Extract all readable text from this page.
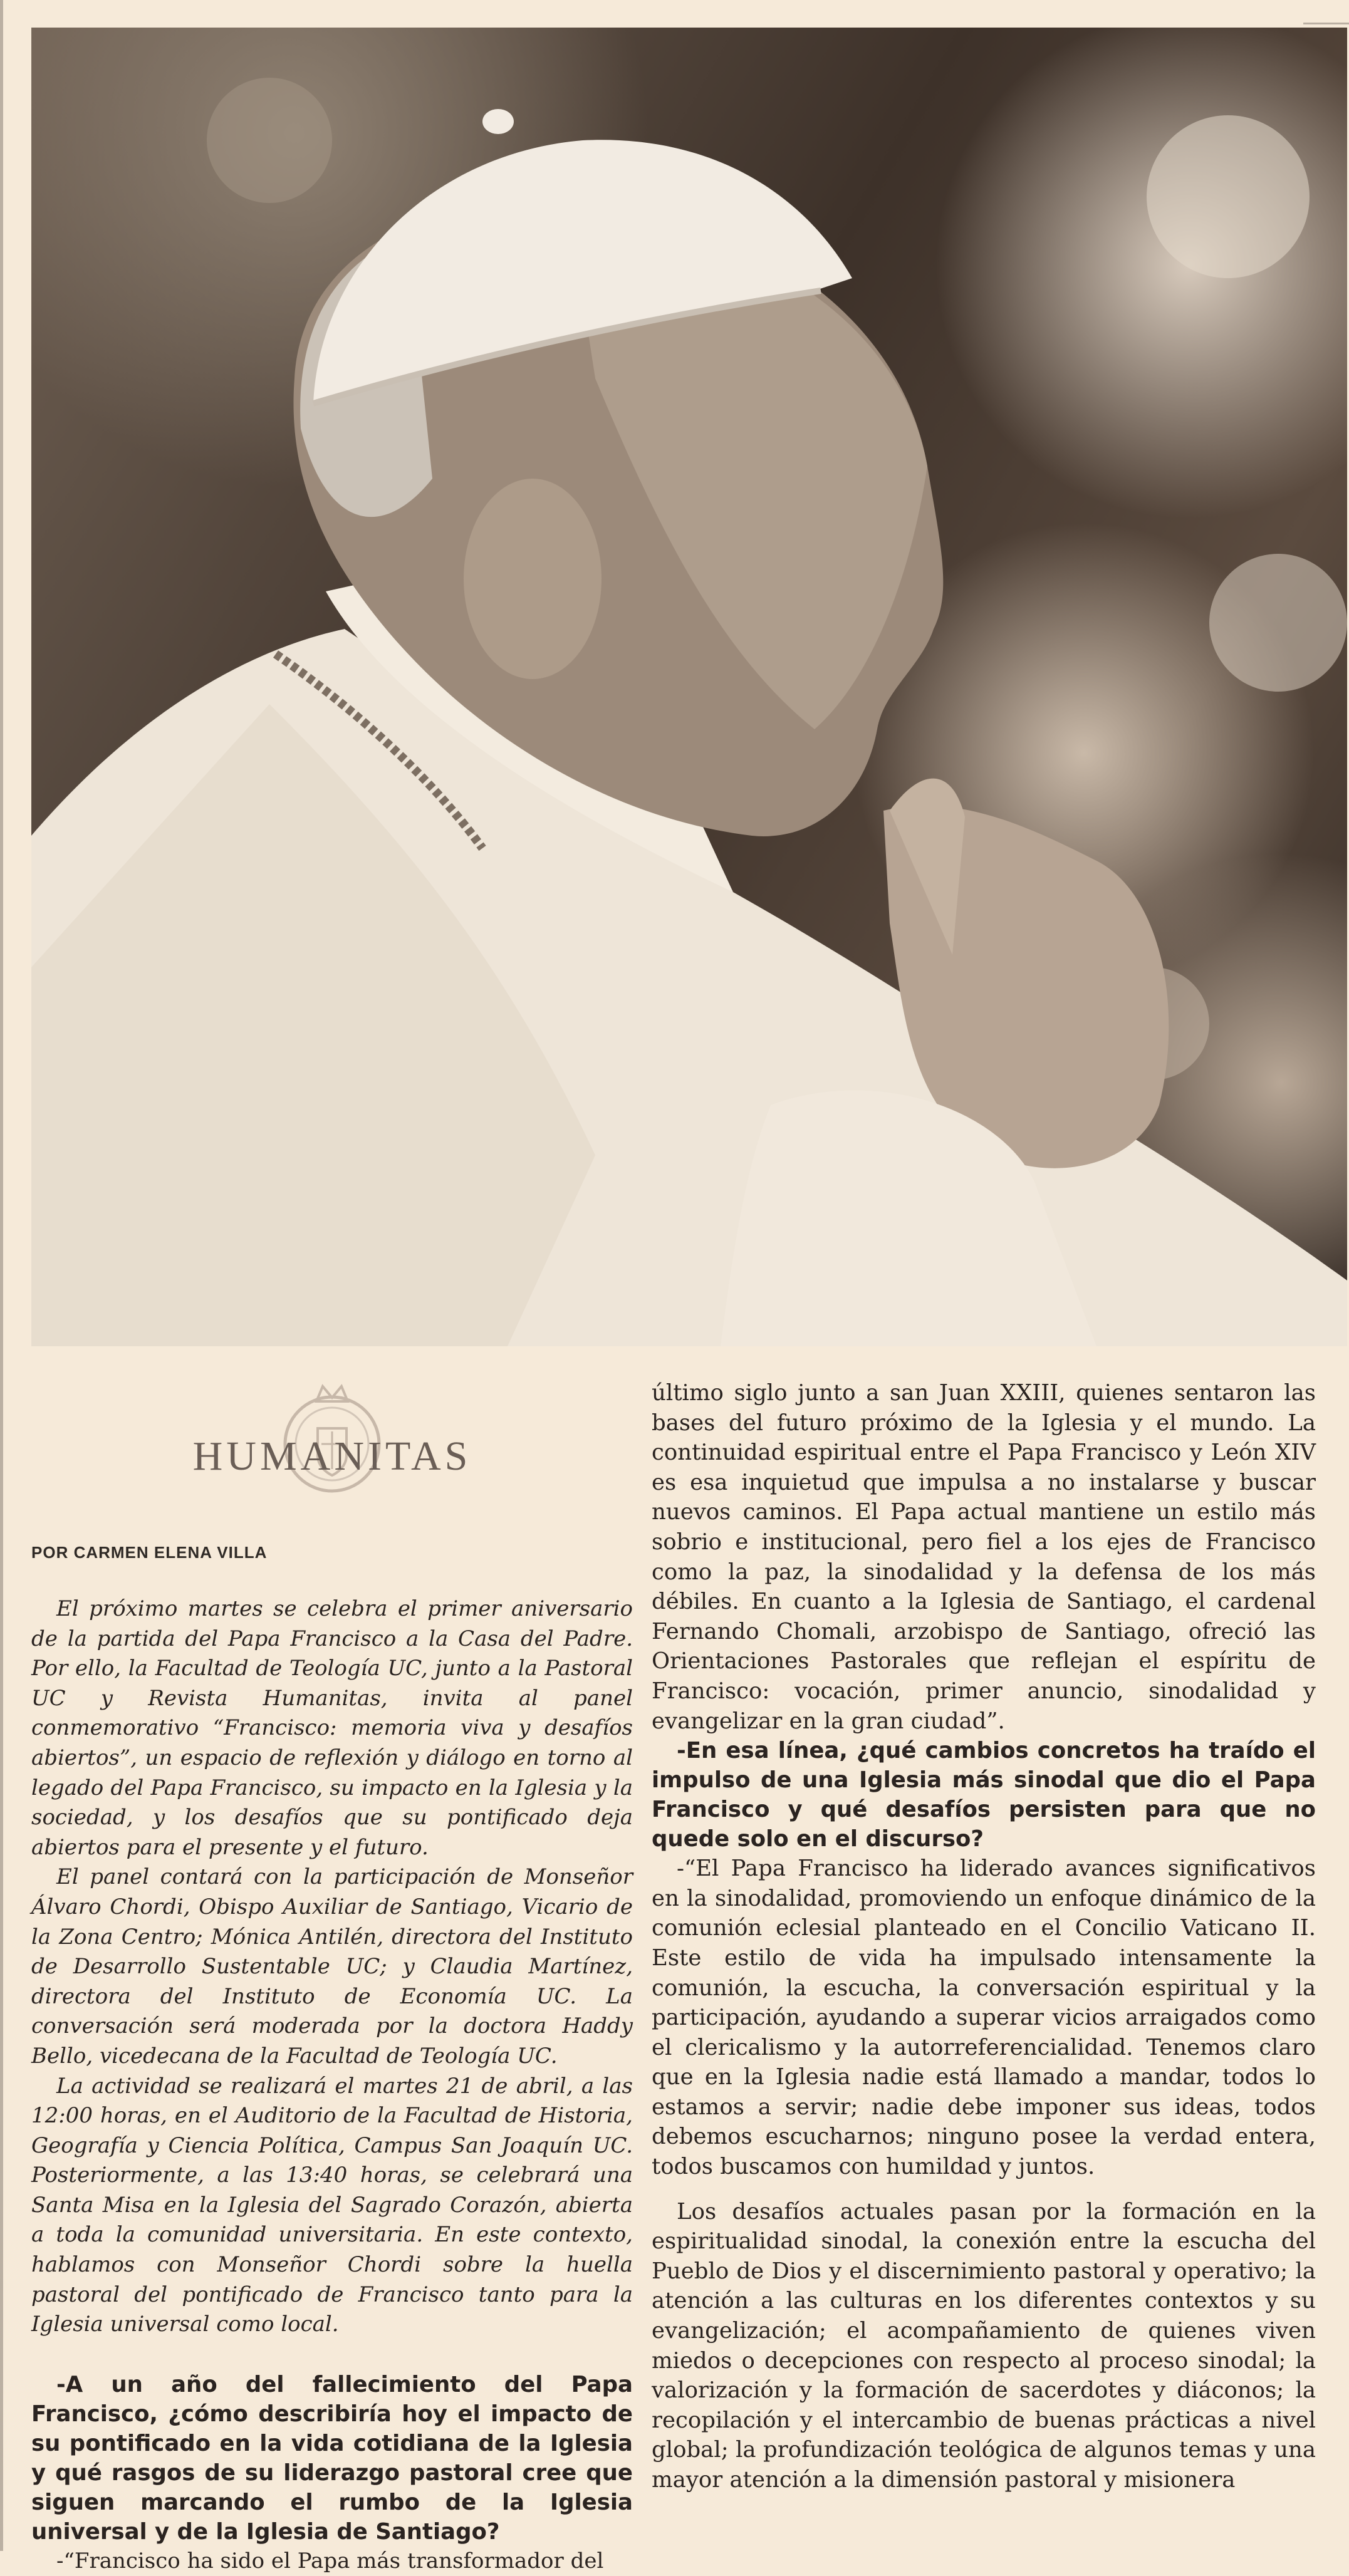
HUMANITAS
POR CARMEN ELENA VILLA

El próximo martes se celebra el primer aniversario de la partida del Papa Francisco a la Casa del Padre. Por ello, la Facultad de Teología UC, junto a la Pastoral UC y Revista Humanitas, invita al panel conmemorativo “Francisco: memoria viva y desafíos abiertos”, un espacio de reflexión y diálogo en torno al legado del Papa Francisco, su impacto en la Iglesia y la sociedad, y los desafíos que su pontificado deja abiertos para el presente y el futuro.

El panel contará con la participación de Monseñor Álvaro Chordi, Obispo Auxiliar de Santiago, Vicario de la Zona Centro; Mónica Antilén, directora del Instituto de Desarrollo Sustentable UC; y Claudia Martínez, directora del Instituto de Economía UC. La conversación será moderada por la doctora Haddy Bello, vicedecana de la Facultad de Teología UC.

La actividad se realizará el martes 21 de abril, a las 12:00 horas, en el Auditorio de la Facultad de Historia, Geografía y Ciencia Política, Campus San Joaquín UC. Posteriormente, a las 13:40 horas, se celebrará una Santa Misa en la Iglesia del Sagrado Corazón, abierta a toda la comunidad universitaria. En este contexto, hablamos con Monseñor Chordi sobre la huella pastoral del pontificado de Francisco tanto para la Iglesia universal como local.

-A un año del fallecimiento del Papa Francisco, ¿cómo describiría hoy el impacto de su pontificado en la vida cotidiana de la Iglesia y qué rasgos de su liderazgo pastoral cree que siguen marcando el rumbo de la Iglesia universal y de la Iglesia de Santiago?

-“Francisco ha sido el Papa más transformador del

último siglo junto a san Juan XXIII, quienes sentaron las bases del futuro próximo de la Iglesia y el mundo. La continuidad espiritual entre el Papa Francisco y León XIV es esa inquietud que impulsa a no instalarse y buscar nuevos caminos. El Papa actual mantiene un estilo más sobrio e institucional, pero fiel a los ejes de Francisco como la paz, la sinodalidad y la defensa de los más débiles. En cuanto a la Iglesia de Santiago, el cardenal Fernando Chomali, arzobispo de Santiago, ofreció las Orientaciones Pastorales que reflejan el espíritu de Francisco: vocación, primer anuncio, sinodalidad y evangelizar en la gran ciudad”.

-En esa línea, ¿qué cambios concretos ha traído el impulso de una Iglesia más sinodal que dio el Papa Francisco y qué desafíos persisten para que no quede solo en el discurso?

-“El Papa Francisco ha liderado avances significativos en la sinodalidad, promoviendo un enfoque dinámico de la comunión eclesial planteado en el Concilio Vaticano II. Este estilo de vida ha impulsado intensamente la comunión, la escucha, la conversación espiritual y la participación, ayudando a superar vicios arraigados como el clericalismo y la autorreferencialidad. Tenemos claro que en la Iglesia nadie está llamado a mandar, todos lo estamos a servir; nadie debe imponer sus ideas, todos debemos escucharnos; ninguno posee la verdad entera, todos buscamos con humildad y juntos.

Los desafíos actuales pasan por la formación en la espiritualidad sinodal, la conexión entre la escucha del Pueblo de Dios y el discernimiento pastoral y operativo; la atención a las culturas en los diferentes contextos y su evangelización; el acompañamiento de quienes viven miedos o decepciones con respecto al proceso sinodal; la valorización y la formación de sacerdotes y diáconos; la recopilación y el intercambio de buenas prácticas a nivel global; la profundización teológica de algunos temas y una mayor atención a la dimensión pastoral y misionera
